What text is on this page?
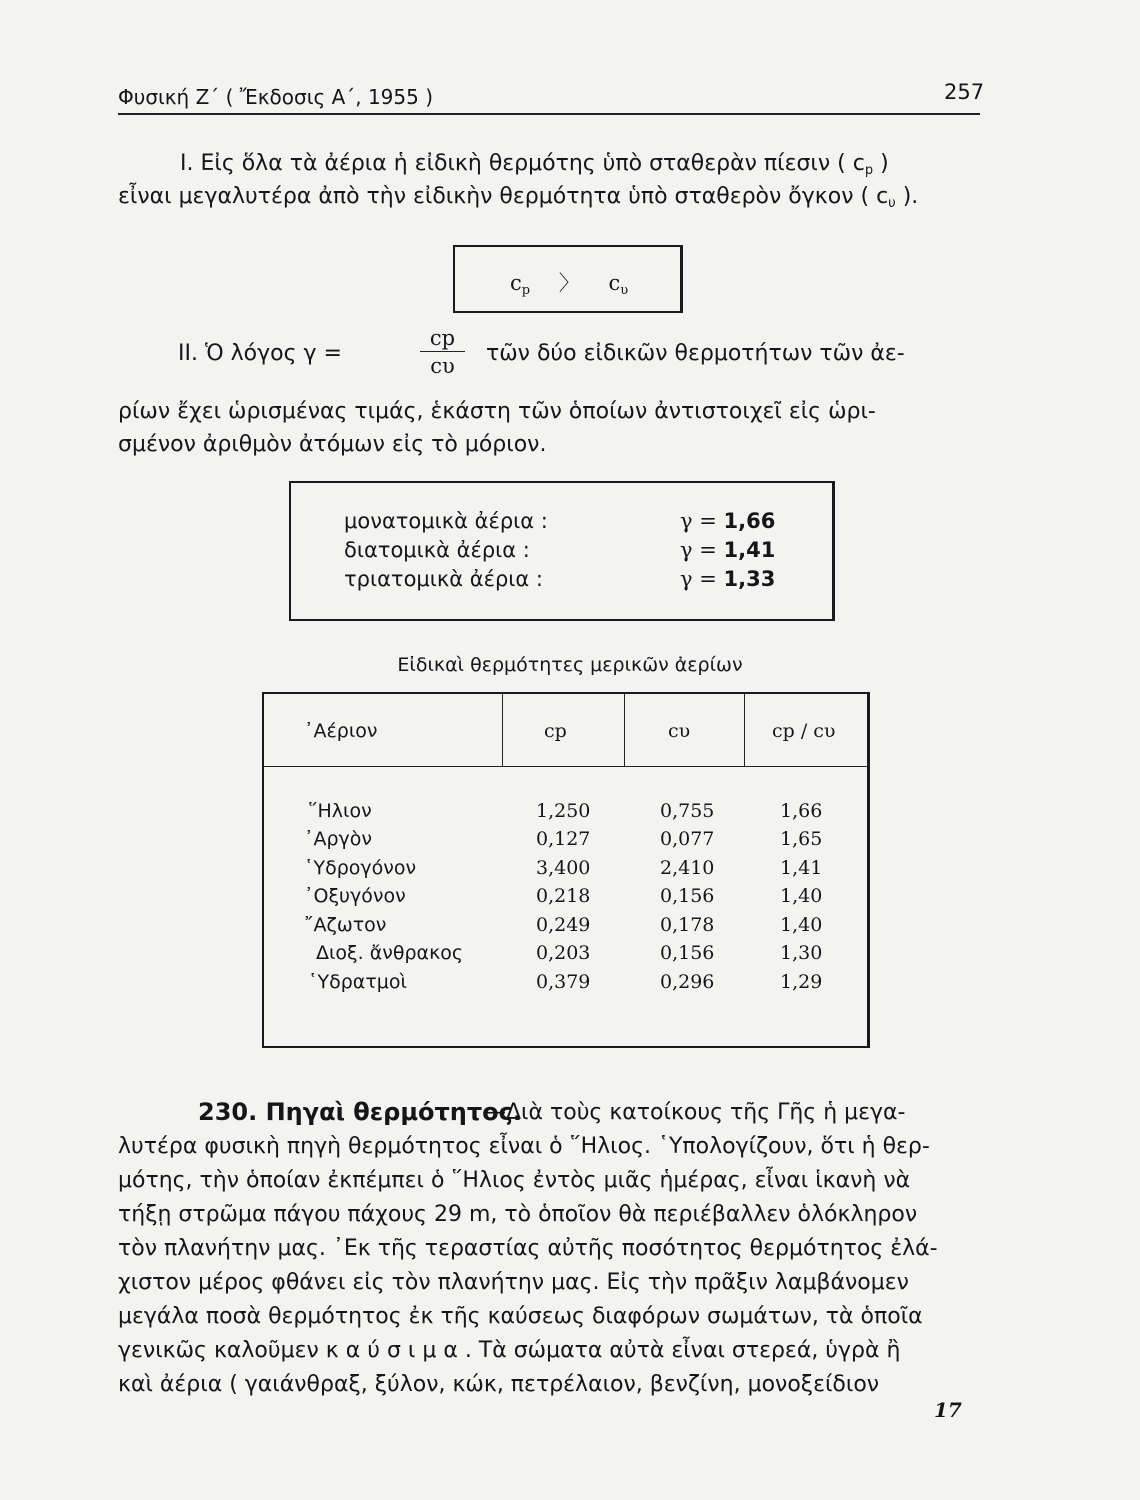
Φυσική Ζ΄ ( Ἔκδοσις Α΄, 1955 )	257
I. Εἰς ὅλα τὰ ἀέρια ἡ εἰδικὴ θερμότης ὑπὸ σταθερὰν πίεσιν ( cp )
εἶναι μεγαλυτέρα ἀπὸ τὴν εἰδικὴν θερμότητα ὑπὸ σταθερὸν ὄγκον ( cυ ).
cp 〉 cυ
II. Ὁ λόγος γ =	$\frac{cp}{c\upsilon}$ τῶν δύο εἰδικῶν θερμοτήτων τῶν ἀε-
ρίων ἔχει ὡρισμένας τιμάς, ἑκάστη τῶν ὁποίων ἀντιστοιχεῖ εἰς ὡρι-
σμένον ἀριθμὸν ἀτόμων εἰς τὸ μόριον.
μονατομικὰ ἀέρια :	γ = 1,66
διατομικὰ ἀέρια :	γ = 1,41
τριατομικὰ ἀέρια :	γ = 1,33
Εἰδικαὶ θερμότητες μερικῶν ἀερίων
᾿Αέριον	cp	cυ	cp / cυ
῞Ηλιον	1,250	0,755	1,66
᾿Αργὸν	0,127	0,077	1,65
῾Υδρογόνον	3,400	2,410	1,41
᾿Οξυγόνον	0,218	0,156	1,40
῎Αζωτον	0,249	0,178	1,40
Διοξ. ἄνθρακος	0,203	0,156	1,30
῾Υδρατμοὶ	0,379	0,296	1,29
230. Πηγαὶ θερμότητος.
—Διὰ τοὺς κατοίκους τῆς Γῆς ἡ μεγα-
λυτέρα φυσικὴ πηγὴ θερμότητος εἶναι ὁ ῞Ηλιος. ῾Υπολογίζουν, ὅτι ἡ θερ-
μότης, τὴν ὁποίαν ἐκπέμπει ὁ ῞Ηλιος ἐντὸς μιᾶς ἡμέρας, εἶναι ἱκανὴ νὰ
τήξῃ στρῶμα πάγου πάχους 29 m, τὸ ὁποῖον θὰ περιέβαλλεν ὁλόκληρον
τὸν πλανήτην μας. ᾿Εκ τῆς τεραστίας αὐτῆς ποσότητος θερμότητος ἐλά-
χιστον μέρος φθάνει εἰς τὸν πλανήτην μας. Εἰς τὴν πρᾶξιν λαμβάνομεν
μεγάλα ποσὰ θερμότητος ἐκ τῆς καύσεως διαφόρων σωμάτων, τὰ ὁποῖα
γενικῶς καλοῦμεν κ α ύ σ ι μ α . Τὰ σώματα αὐτὰ εἶναι στερεά, ὑγρὰ ἢ
καὶ ἀέρια ( γαιάνθραξ, ξύλον, κώκ, πετρέλαιον, βενζίνη, μονοξείδιον
17
